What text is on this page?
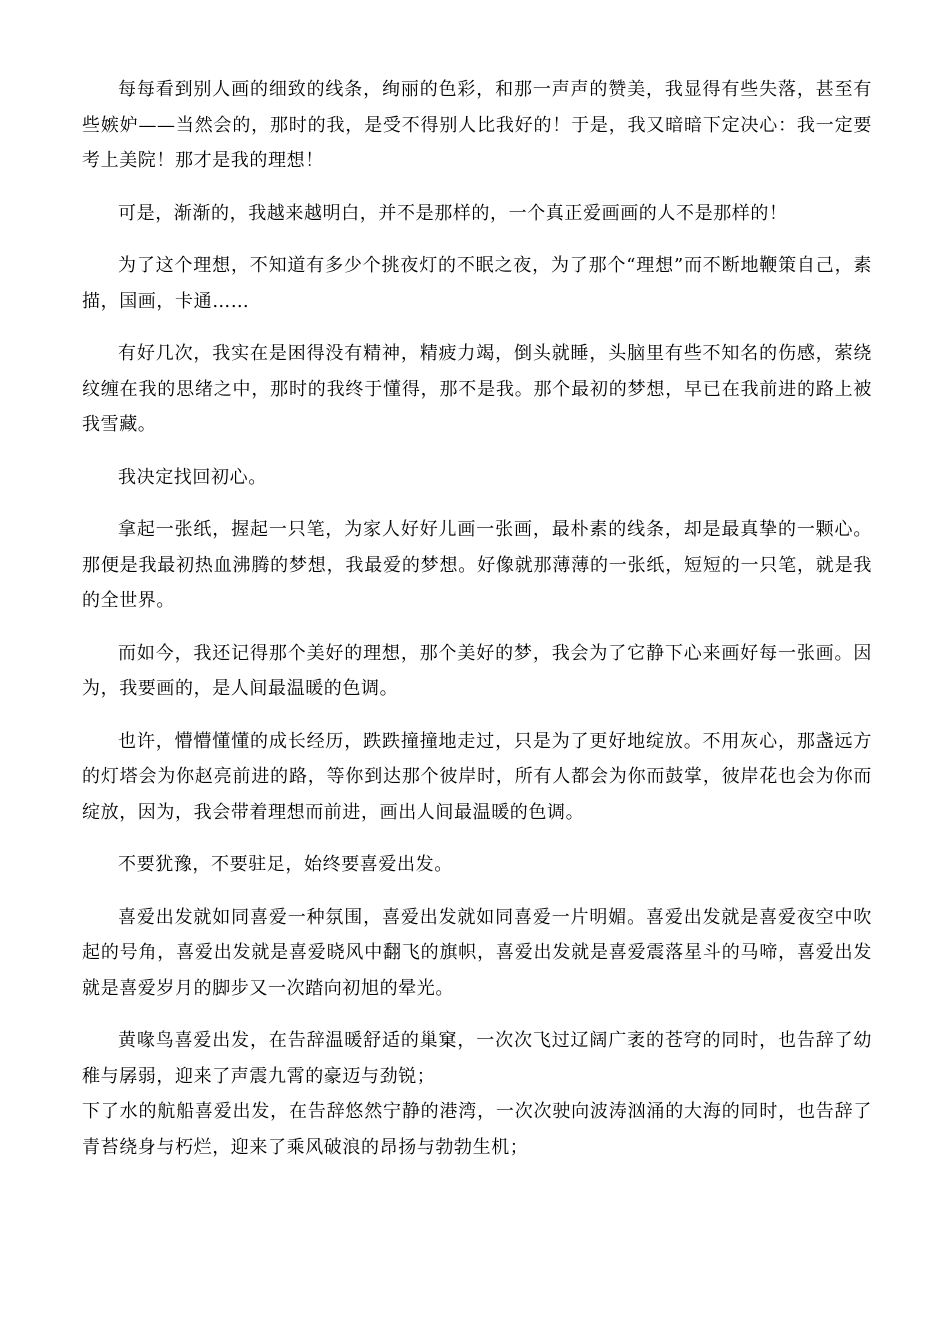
每每看到别人画的细致的线条，绚丽的色彩，和那一声声的赞美，我显得有些失落，甚至有些嫉妒——当然会的，那时的我，是受不得别人比我好的！于是，我又暗暗下定决心：我一定要考上美院！那才是我的理想！

可是，渐渐的，我越来越明白，并不是那样的，一个真正爱画画的人不是那样的！

为了这个理想，不知道有多少个挑夜灯的不眠之夜，为了那个“理想”而不断地鞭策自己，素描，国画，卡通……

有好几次，我实在是困得没有精神，精疲力竭，倒头就睡，头脑里有些不知名的伤感，萦绕纹缠在我的思绪之中，那时的我终于懂得，那不是我。那个最初的梦想，早已在我前进的路上被我雪藏。

我决定找回初心。

拿起一张纸，握起一只笔，为家人好好儿画一张画，最朴素的线条，却是最真挚的一颗心。那便是我最初热血沸腾的梦想，我最爱的梦想。好像就那薄薄的一张纸，短短的一只笔，就是我的全世界。

而如今，我还记得那个美好的理想，那个美好的梦，我会为了它静下心来画好每一张画。因为，我要画的，是人间最温暖的色调。

也许，懵懵懂懂的成长经历，跌跌撞撞地走过，只是为了更好地绽放。不用灰心，那盏远方的灯塔会为你赵亮前进的路，等你到达那个彼岸时，所有人都会为你而鼓掌，彼岸花也会为你而绽放，因为，我会带着理想而前进，画出人间最温暖的色调。

不要犹豫，不要驻足，始终要喜爱出发。

喜爱出发就如同喜爱一种氛围，喜爱出发就如同喜爱一片明媚。喜爱出发就是喜爱夜空中吹起的号角，喜爱出发就是喜爱晓风中翻飞的旗帜，喜爱出发就是喜爱震落星斗的马啼，喜爱出发就是喜爱岁月的脚步又一次踏向初旭的晕光。

黄喙鸟喜爱出发，在告辞温暖舒适的巢窠，一次次飞过辽阔广袤的苍穹的同时，也告辞了幼稚与孱弱，迎来了声震九霄的豪迈与劲锐；

下了水的航船喜爱出发，在告辞悠然宁静的港湾，一次次驶向波涛汹涌的大海的同时，也告辞了青苔绕身与朽烂，迎来了乘风破浪的昂扬与勃勃生机；
